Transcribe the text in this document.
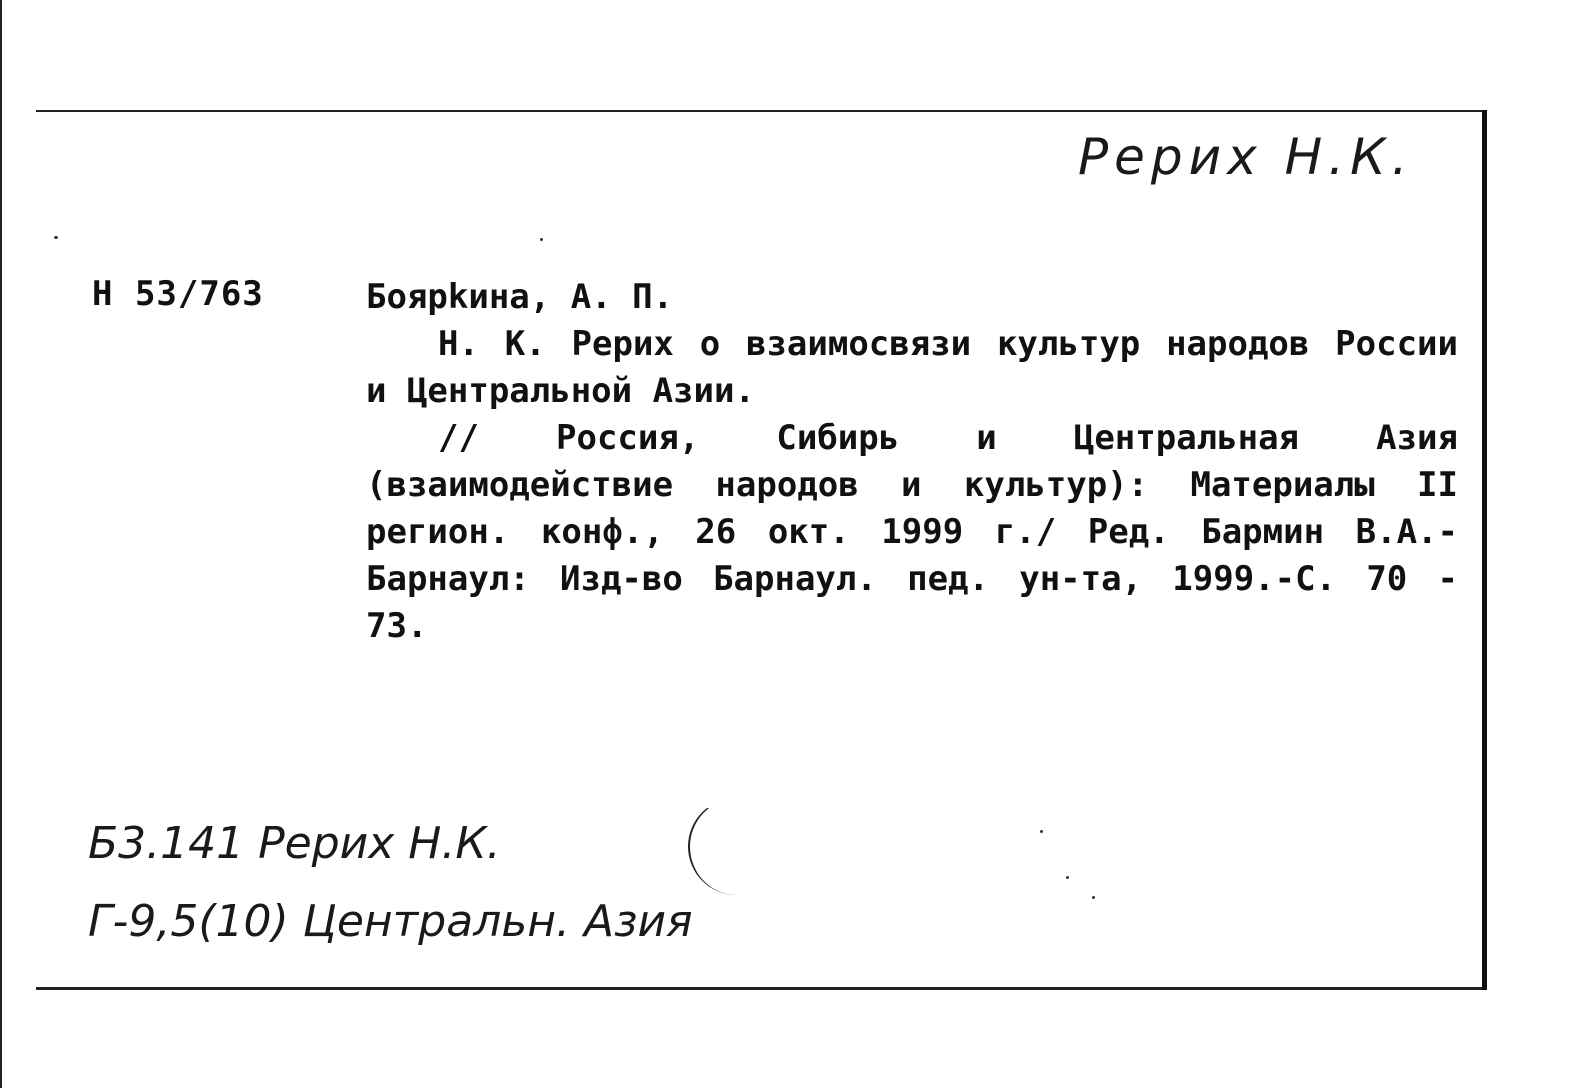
Рерих Н.К.
Н 53/763	Боярkина, А. П.
Н. К. Рерих о взаимосвязи культур народов России и Центральной Азии.
// Россия, Сибирь и Центральная Азия (взаимодействие народов и культур): Материалы II регион. конф., 26 окт. 1999 г./ Ред. Бармин В.А.- Барнаул: Изд-во Барнаул. пед. ун-та, 1999.-С. 70 - 73.
Б3.141 Рерих Н.К.
Г-9,5(10) Центральн. Азия
